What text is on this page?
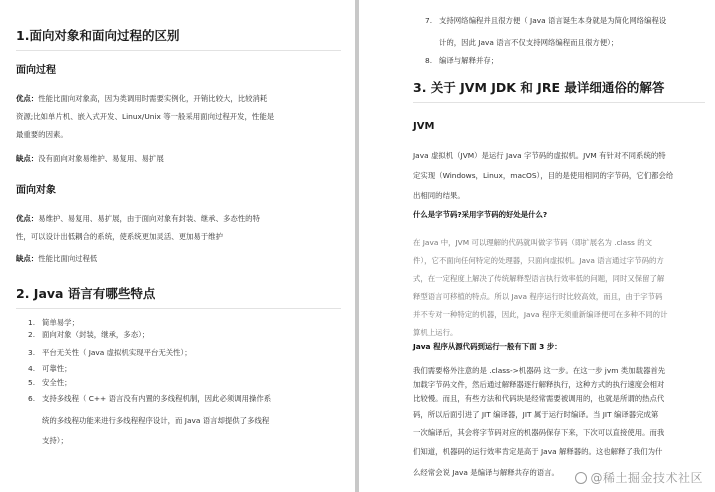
1.面向对象和面向过程的区别
面向过程

优点：性能比面向对象高，因为类调用时需要实例化，开销比较大，比较消耗

资源;比如单片机、嵌入式开发、Linux/Unix 等一般采用面向过程开发，性能是

最重要的因素。

缺点：没有面向对象易维护、易复用、易扩展

面向对象

优点：易维护、易复用、易扩展，由于面向对象有封装、继承、多态性的特

性，可以设计出低耦合的系统，使系统更加灵活、更加易于维护

缺点：性能比面向过程低

2. Java 语言有哪些特点
1. 简单易学；
2. 面向对象（封装，继承，多态）；
3. 平台无关性（ Java 虚拟机实现平台无关性）；
4. 可靠性；
5. 安全性；
6. 支持多线程（ C++ 语言没有内置的多线程机制，因此必须调用操作系
统的多线程功能来进行多线程程序设计，而 Java 语言却提供了多线程
支持）；
7. 支持网络编程并且很方便（ Java 语言诞生本身就是为简化网络编程设
计的，因此 Java 语言不仅支持网络编程而且很方便）；
8. 编译与解释并存；
3. 关于 JVM JDK 和 JRE 最详细通俗的解答
JVM

Java 虚拟机（JVM）是运行 Java 字节码的虚拟机。JVM 有针对不同系统的特

定实现（Windows，Linux，macOS），目的是使用相同的字节码，它们都会给

出相同的结果。

什么是字节码?采用字节码的好处是什么?

在 Java 中，JVM 可以理解的代码就叫做字节码（即扩展名为 .class 的文

件），它不面向任何特定的处理器，只面向虚拟机。Java 语言通过字节码的方

式，在一定程度上解决了传统解释型语言执行效率低的问题，同时又保留了解

释型语言可移植的特点。所以 Java 程序运行时比较高效，而且，由于字节码

并不专对一种特定的机器，因此，Java 程序无须重新编译便可在多种不同的计

算机上运行。

Java 程序从源代码到运行一般有下面 3 步：

我们需要格外注意的是 .class->机器码 这一步。在这一步 jvm 类加载器首先

加载字节码文件，然后通过解释器逐行解释执行，这种方式的执行速度会相对

比较慢。而且，有些方法和代码块是经常需要被调用的，也就是所谓的热点代

码，所以后面引进了 JIT 编译器，JIT 属于运行时编译。当 JIT 编译器完成第

一次编译后，其会将字节码对应的机器码保存下来，下次可以直接使用。而我

们知道，机器码的运行效率肯定是高于 Java 解释器的。这也解释了我们为什

么经常会说 Java 是编译与解释共存的语言。	@稀土掘金技术社区
